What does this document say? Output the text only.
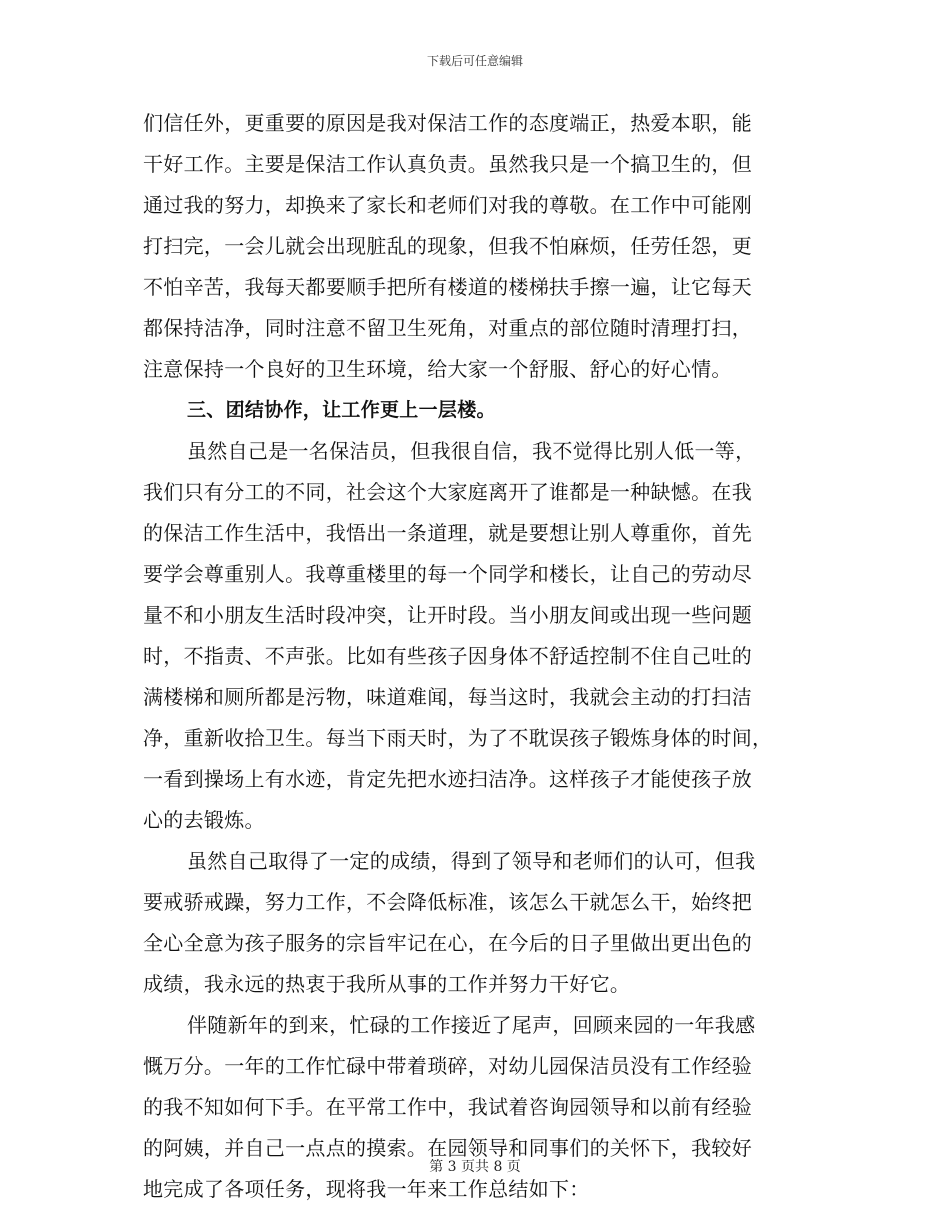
下载后可任意编辑
们信任外，更重要的原因是我对保洁工作的态度端正，热爱本职，能
干好工作。主要是保洁工作认真负责。虽然我只是一个搞卫生的，但
通过我的努力，却换来了家长和老师们对我的尊敬。在工作中可能刚
打扫完，一会儿就会出现脏乱的现象，但我不怕麻烦，任劳任怨，更
不怕辛苦，我每天都要顺手把所有楼道的楼梯扶手擦一遍，让它每天
都保持洁净，同时注意不留卫生死角，对重点的部位随时清理打扫，
注意保持一个良好的卫生环境，给大家一个舒服、舒心的好心情。
三、团结协作，让工作更上一层楼。
虽然自己是一名保洁员，但我很自信，我不觉得比别人低一等，
我们只有分工的不同，社会这个大家庭离开了谁都是一种缺憾。在我
的保洁工作生活中，我悟出一条道理，就是要想让别人尊重你，首先
要学会尊重别人。我尊重楼里的每一个同学和楼长，让自己的劳动尽
量不和小朋友生活时段冲突，让开时段。当小朋友间或出现一些问题
时，不指责、不声张。比如有些孩子因身体不舒适控制不住自己吐的
满楼梯和厕所都是污物，味道难闻，每当这时，我就会主动的打扫洁
净，重新收拾卫生。每当下雨天时，为了不耽误孩子锻炼身体的时间，
一看到操场上有水迹，肯定先把水迹扫洁净。这样孩子才能使孩子放
心的去锻炼。
虽然自己取得了一定的成绩，得到了领导和老师们的认可，但我
要戒骄戒躁，努力工作，不会降低标准，该怎么干就怎么干，始终把
全心全意为孩子服务的宗旨牢记在心，在今后的日子里做出更出色的
成绩，我永远的热衷于我所从事的工作并努力干好它。
伴随新年的到来，忙碌的工作接近了尾声，回顾来园的一年我感
慨万分。一年的工作忙碌中带着琐碎，对幼儿园保洁员没有工作经验
的我不知如何下手。在平常工作中，我试着咨询园领导和以前有经验
的阿姨，并自己一点点的摸索。在园领导和同事们的关怀下，我较好
地完成了各项任务，现将我一年来工作总结如下：
第 3 页共 8 页
